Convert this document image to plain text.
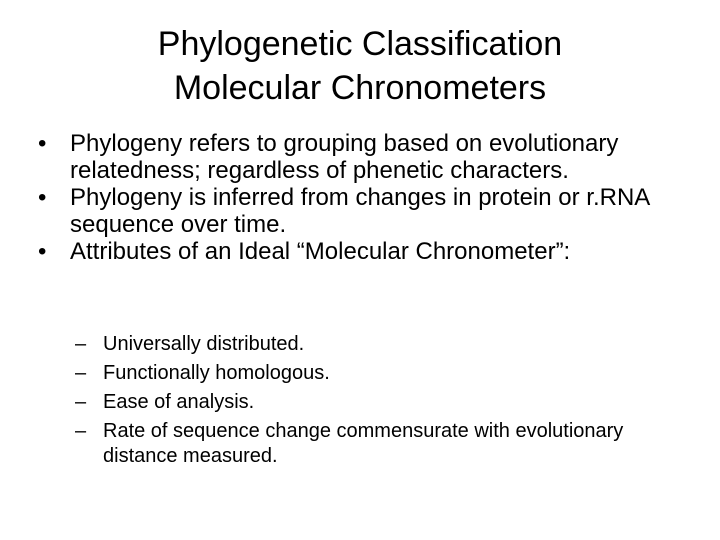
Phylogenetic Classification
Molecular Chronometers
• Phylogeny refers to grouping based on evolutionary relatedness; regardless of phenetic characters.
• Phylogeny is inferred from changes in protein or r.RNA sequence over time.
• Attributes of an Ideal “Molecular Chronometer”:
– Universally distributed.
– Functionally homologous.
– Ease of analysis.
– Rate of sequence change commensurate with evolutionary distance measured.
